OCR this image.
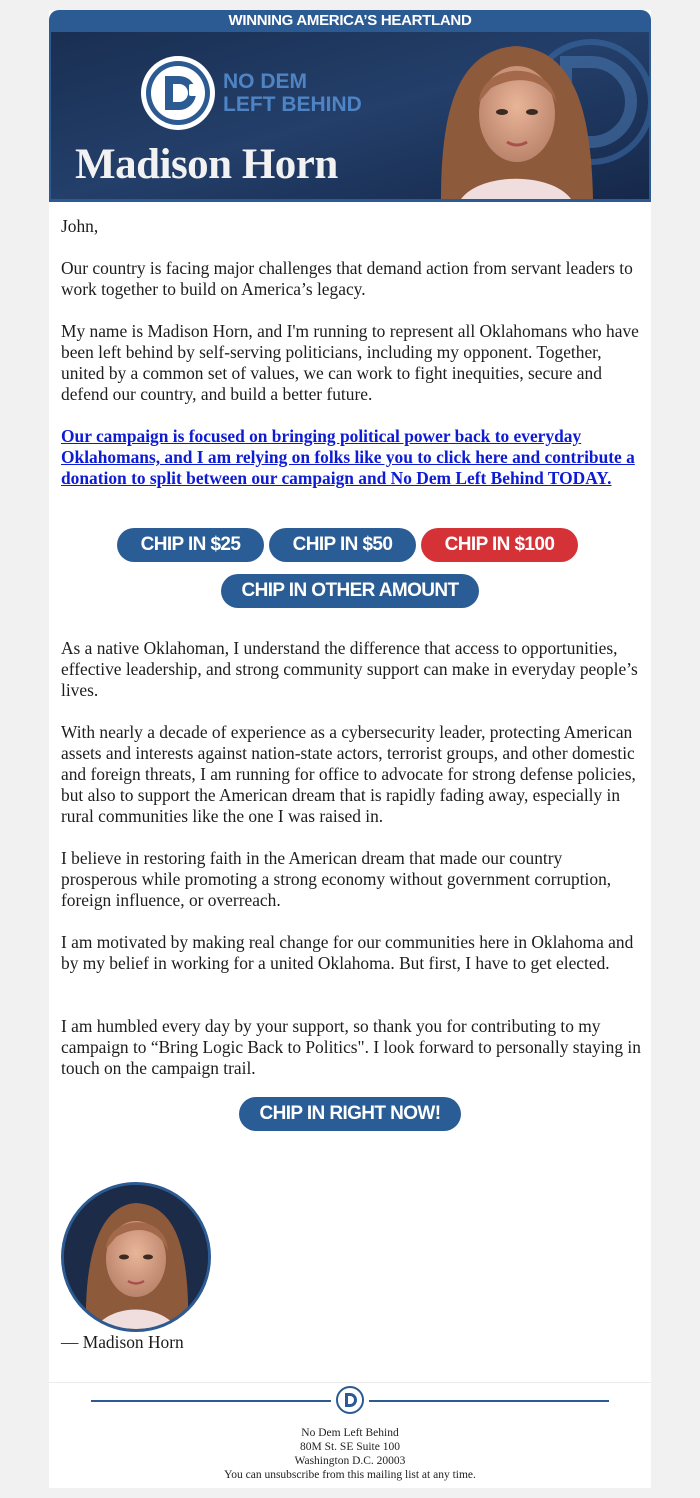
WINNING AMERICA’S HEARTLAND
NO DEM
LEFT BEHIND
Madison Horn
John,
Our country is facing major challenges that demand action from servant leaders to work together to build on America’s legacy.
My name is Madison Horn, and I'm running to represent all Oklahomans who have been left behind by self-serving politicians, including my opponent. Together, united by a common set of values, we can work to fight inequities, secure and defend our country, and build a better future.
Our campaign is focused on bringing political power back to everyday Oklahomans, and I am relying on folks like you to click here and contribute a donation to split between our campaign and No Dem Left Behind TODAY.
CHIP IN $25	CHIP IN $50	CHIP IN $100
CHIP IN OTHER AMOUNT
As a native Oklahoman, I understand the difference that access to opportunities, effective leadership, and strong community support can make in everyday people’s lives.
With nearly a decade of experience as a cybersecurity leader, protecting American assets and interests against nation-state actors, terrorist groups, and other domestic and foreign threats, I am running for office to advocate for strong defense policies, but also to support the American dream that is rapidly fading away, especially in rural communities like the one I was raised in.
I believe in restoring faith in the American dream that made our country prosperous while promoting a strong economy without government corruption, foreign influence, or overreach.
I am motivated by making real change for our communities here in Oklahoma and by my belief in working for a united Oklahoma. But first, I have to get elected.
I am humbled every day by your support, so thank you for contributing to my campaign to “Bring Logic Back to Politics". I look forward to personally staying in touch on the campaign trail.
CHIP IN RIGHT NOW!
— Madison Horn
No Dem Left Behind
80M St. SE Suite 100
Washington D.C. 20003
You can unsubscribe from this mailing list at any time.
